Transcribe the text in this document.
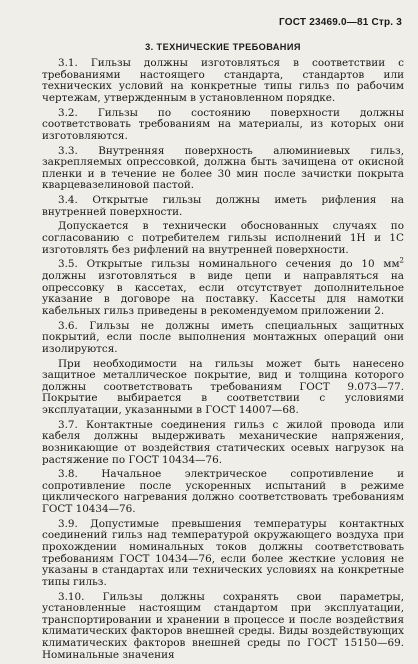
ГОСТ 23469.0—81 Стр. 3
3. ТЕХНИЧЕСКИЕ ТРЕБОВАНИЯ

3.1. Гильзы должны изготовляться в соответствии с требованиями настоящего стандарта, стандартов или технических условий на конкретные типы гильз по рабочим чертежам, утвержденным в установленном порядке.

3.2. Гильзы по состоянию поверхности должны соответствовать требованиям на материалы, из которых они изготовляются.

3.3. Внутренняя поверхность алюминиевых гильз, закрепляемых опрессовкой, должна быть зачищена от окисной пленки и в течение не более 30 мин после зачистки покрыта кварцевазелиновой пастой.

3.4. Открытые гильзы должны иметь рифления на внутренней поверхности.

Допускается в технически обоснованных случаях по согласованию с потребителем гильзы исполнений 1Н и 1С изготовлять без рифлений на внутренней поверхности.

3.5. Открытые гильзы номинального сечения до 10 $мм^2$ должны изготовляться в виде цепи и направляться на опрессовку в кассетах, если отсутствует дополнительное указание в договоре на поставку. Кассеты для намотки кабельных гильз приведены в рекомендуемом приложении 2.

3.6. Гильзы не должны иметь специальных защитных покрытий, если после выполнения монтажных операций они изолируются.

При необходимости на гильзы может быть нанесено защитное металлическое покрытие, вид и толщина которого должны соответствовать требованиям ГОСТ 9.073—77. Покрытие выбирается в соответствии с условиями эксплуатации, указанными в ГОСТ 14007—68.

3.7. Контактные соединения гильз с жилой провода или кабеля должны выдерживать механические напряжения, возникающие от воздействия статических осевых нагрузок на растяжение по ГОСТ 10434—76.

3.8. Начальное электрическое сопротивление и сопротивление после ускоренных испытаний в режиме циклического нагревания должно соответствовать требованиям ГОСТ 10434—76.

3.9. Допустимые превышения температуры контактных соединений гильз над температурой окружающего воздуха при прохождении номинальных токов должны соответствовать требованиям ГОСТ 10434—76, если более жесткие условия не указаны в стандартах или технических условиях на конкретные типы гильз.

3.10. Гильзы должны сохранять свои параметры, установленные настоящим стандартом при эксплуатации, транспортировании и хранении в процессе и после воздействия климатических факторов внешней среды. Виды воздействующих климатических факторов внешней среды по ГОСТ 15150—69. Номинальные значения
